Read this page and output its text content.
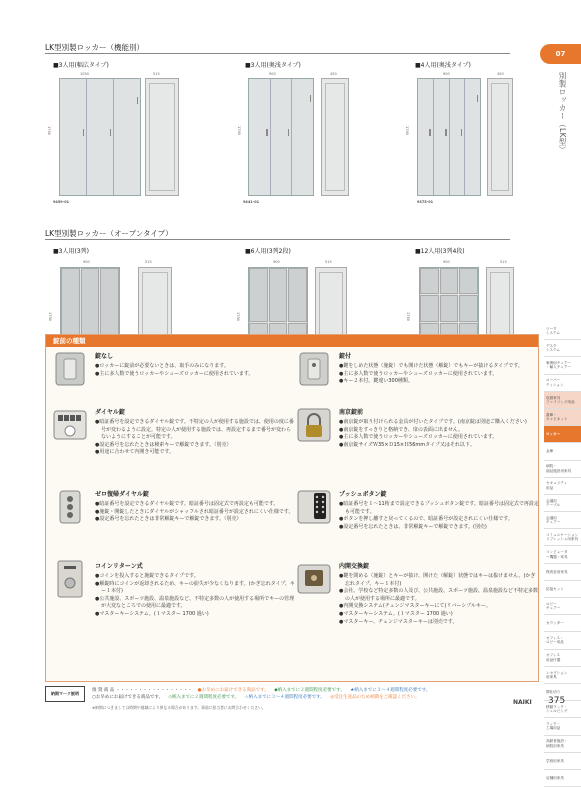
LK型別製ロッカー（機能別）
■3人用(幅広タイプ)
1050	515
1790
9459-01
■3人用(奥浅タイプ)
900	450
1790
9441-01
■4人用(奥浅タイプ)
900	450
1790
9375-01
LK型別製ロッカー（オープンタイプ）
■3人用(3列)
900	515
1790
■6人用(3列2段)
900	515
1790
■12人用(3列4段)
900	515
1790
07
別製ロッカー（LK型）
ワーク
システム
デスク
システム
事務用チェアー
・輸入チェアー
ローパー
ティション
収納家具
ファイリング用品
書庫・
キャビネット
ロッカー
金庫
病院・
福祉施設用家具
セキュリティ
用品
会議用
テーブル
会議用
チェアー
コミュニケーション
リフレッシュ用家具
コンピュータ
ー機器・家具
保育室用家具
応接セット
ロビー
チェアー
カウンター
オフィス・
ロビー用品
オフィス
用品什器
レセプション
用家具
間仕切り
移動ラック・
シェルビング
ラック・
工場用品
高齢者施設・
病院用家具
学校用家具
店舗用家具
錠前の種類
錠なし

●ロッカーに錠前が必要ないときは、取手のみになります。

●主に多人数で使うロッカーやシューズロッカーに使用されています。

ダイヤル錠

●暗証番号を設定できるダイヤル錠です。不特定の人が使用する施設では、使用の度に番号が変わるように設定。特定の人が使用する施設では、再設定するまで番号が変わらないようにすることが可能です。

●設定番号を忘れたときは検索キーで解錠できます。（別売）

●用途に合わせて内開き可能です。

ゼロ復帰ダイヤル錠

●暗証番号を設定できるダイヤル錠です。暗証番号は固定式で再設定も可能です。

●施錠・開錠したときにダイヤルがシャッフルされ暗証番号が設定されにくい仕様です。

●設定番号を忘れたときは非常解錠キーで解錠できます。（別売）

コインリターン式

●コインを投入すると施錠できるタイプです。

●解錠時にコインが返却されるため、キーの紛失が少なくなります。(かぎ忘れタイプ、キー１本付)

●公共施設、スポーツ施設、温泉施設など、不特定多数の人が使用する場所でキーの管理が大変なところでの使用に最適です。

●マスターキーシステム。(１マスター 1700 過い)

錠付

●鍵をしめた状態（施錠）でも開けた状態（解錠）でもキーが抜けるタイプです。

●主に多人数で使うロッカーやシューズロッカーに使用されています。

●キー２本付。鍵違い300種類。

南京錠前

●南京錠が取り付けられる金具が付いたタイプです。(南京錠は別途ご購入ください)

●南京錠をすっきりと格納でき、扉の表面に出ません。

●主に多人数で使うロッカーやシューズロッカーに使用されています。

●南京錠サイズＷ35×Ｄ15×Ｈ56mmタイプ又はそれ以下。

プッシュボタン錠

●暗証番号を１～11桁まで設定できるプッシュボタン錠です。暗証番号は固定式で再設定も可能です。

●ボタンを押し離すと戻ってくるので、暗証番号が設定されにくい仕様です。

●設定番号を忘れたときは、非常解錠キーで解錠できます。(別売)

内開交換錠

●鍵を閉める（施錠）とキーが抜け、開けた（解錠）状態ではキーは抜けません。(かぎ忘れタイプ、キー１本付)

●会社、学校など特定多数の人及び、公共施設、スポーツ施設、温泉施設など不特定多数の人が使用する場所に最適です。

●内開交換システム(チェンジマスターキーにて)リバーシブルキー。

●マスターキーシステム。(１マスター 1700 過い)

●マスターキー、チェンジマスターキーは別売です。

納期マーク説明
推 奨 商 品 ・・・・・・・・・・・・・・・・・ ●お早めにお届けできる商品です。 ◆納入までに２週間程度必要です。 ★納入までに３～４週間程度必要です。
○お早めにお届けできる商品です。 ◇納入までに２週間程度必要です。 ☆納入までに３～４週間程度必要です。 ◎受注生産品のため納期をご確認ください。
※納期につきましては時期や地域により異なる場合があります。事前に担当者にお問合わせください。
NAIKI 375
